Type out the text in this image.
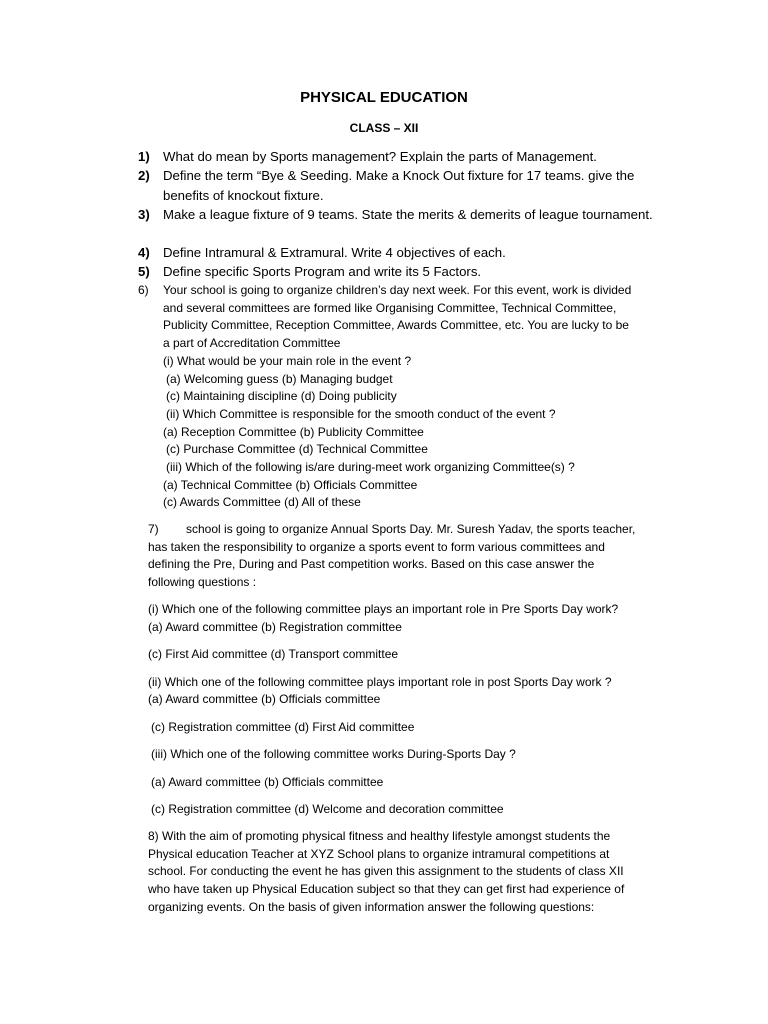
PHYSICAL EDUCATION
CLASS – XII
1) What do mean by Sports management? Explain the parts of Management.
2) Define the term “Bye & Seeding. Make a Knock Out fixture for 17 teams. give the benefits of knockout fixture.
3) Make a league fixture of 9 teams. State the merits & demerits of league tournament.
4) Define Intramural & Extramural. Write 4 objectives of each.
5) Define specific Sports Program and write its 5 Factors.
6) Your school is going to organize children’s day next week. For this event, work is divided
and several committees are formed like Organising Committee, Technical Committee,
Publicity Committee, Reception Committee, Awards Committee, etc. You are lucky to be
a part of Accreditation Committee
(i) What would be your main role in the event ?
(a) Welcoming guess (b) Managing budget
(c) Maintaining discipline (d) Doing publicity
(ii) Which Committee is responsible for the smooth conduct of the event ?
(a) Reception Committee (b) Publicity Committee
(c) Purchase Committee (d) Technical Committee
(iii) Which of the following is/are during-meet work organizing Committee(s) ?
(a) Technical Committee (b) Officials Committee
(c) Awards Committee (d) All of these
7) school is going to organize Annual Sports Day. Mr. Suresh Yadav, the sports teacher,
has taken the responsibility to organize a sports event to form various committees and
defining the Pre, During and Past competition works. Based on this case answer the
following questions :
(i) Which one of the following committee plays an important role in Pre Sports Day work?
(a) Award committee (b) Registration committee
(c) First Aid committee (d) Transport committee
(ii) Which one of the following committee plays important role in post Sports Day work ?
(a) Award committee (b) Officials committee
(c) Registration committee (d) First Aid committee
(iii) Which one of the following committee works During-Sports Day ?
(a) Award committee (b) Officials committee
(c) Registration committee (d) Welcome and decoration committee
8) With the aim of promoting physical fitness and healthy lifestyle amongst students the
Physical education Teacher at XYZ School plans to organize intramural competitions at
school. For conducting the event he has given this assignment to the students of class XII
who have taken up Physical Education subject so that they can get first had experience of
organizing events. On the basis of given information answer the following questions:
